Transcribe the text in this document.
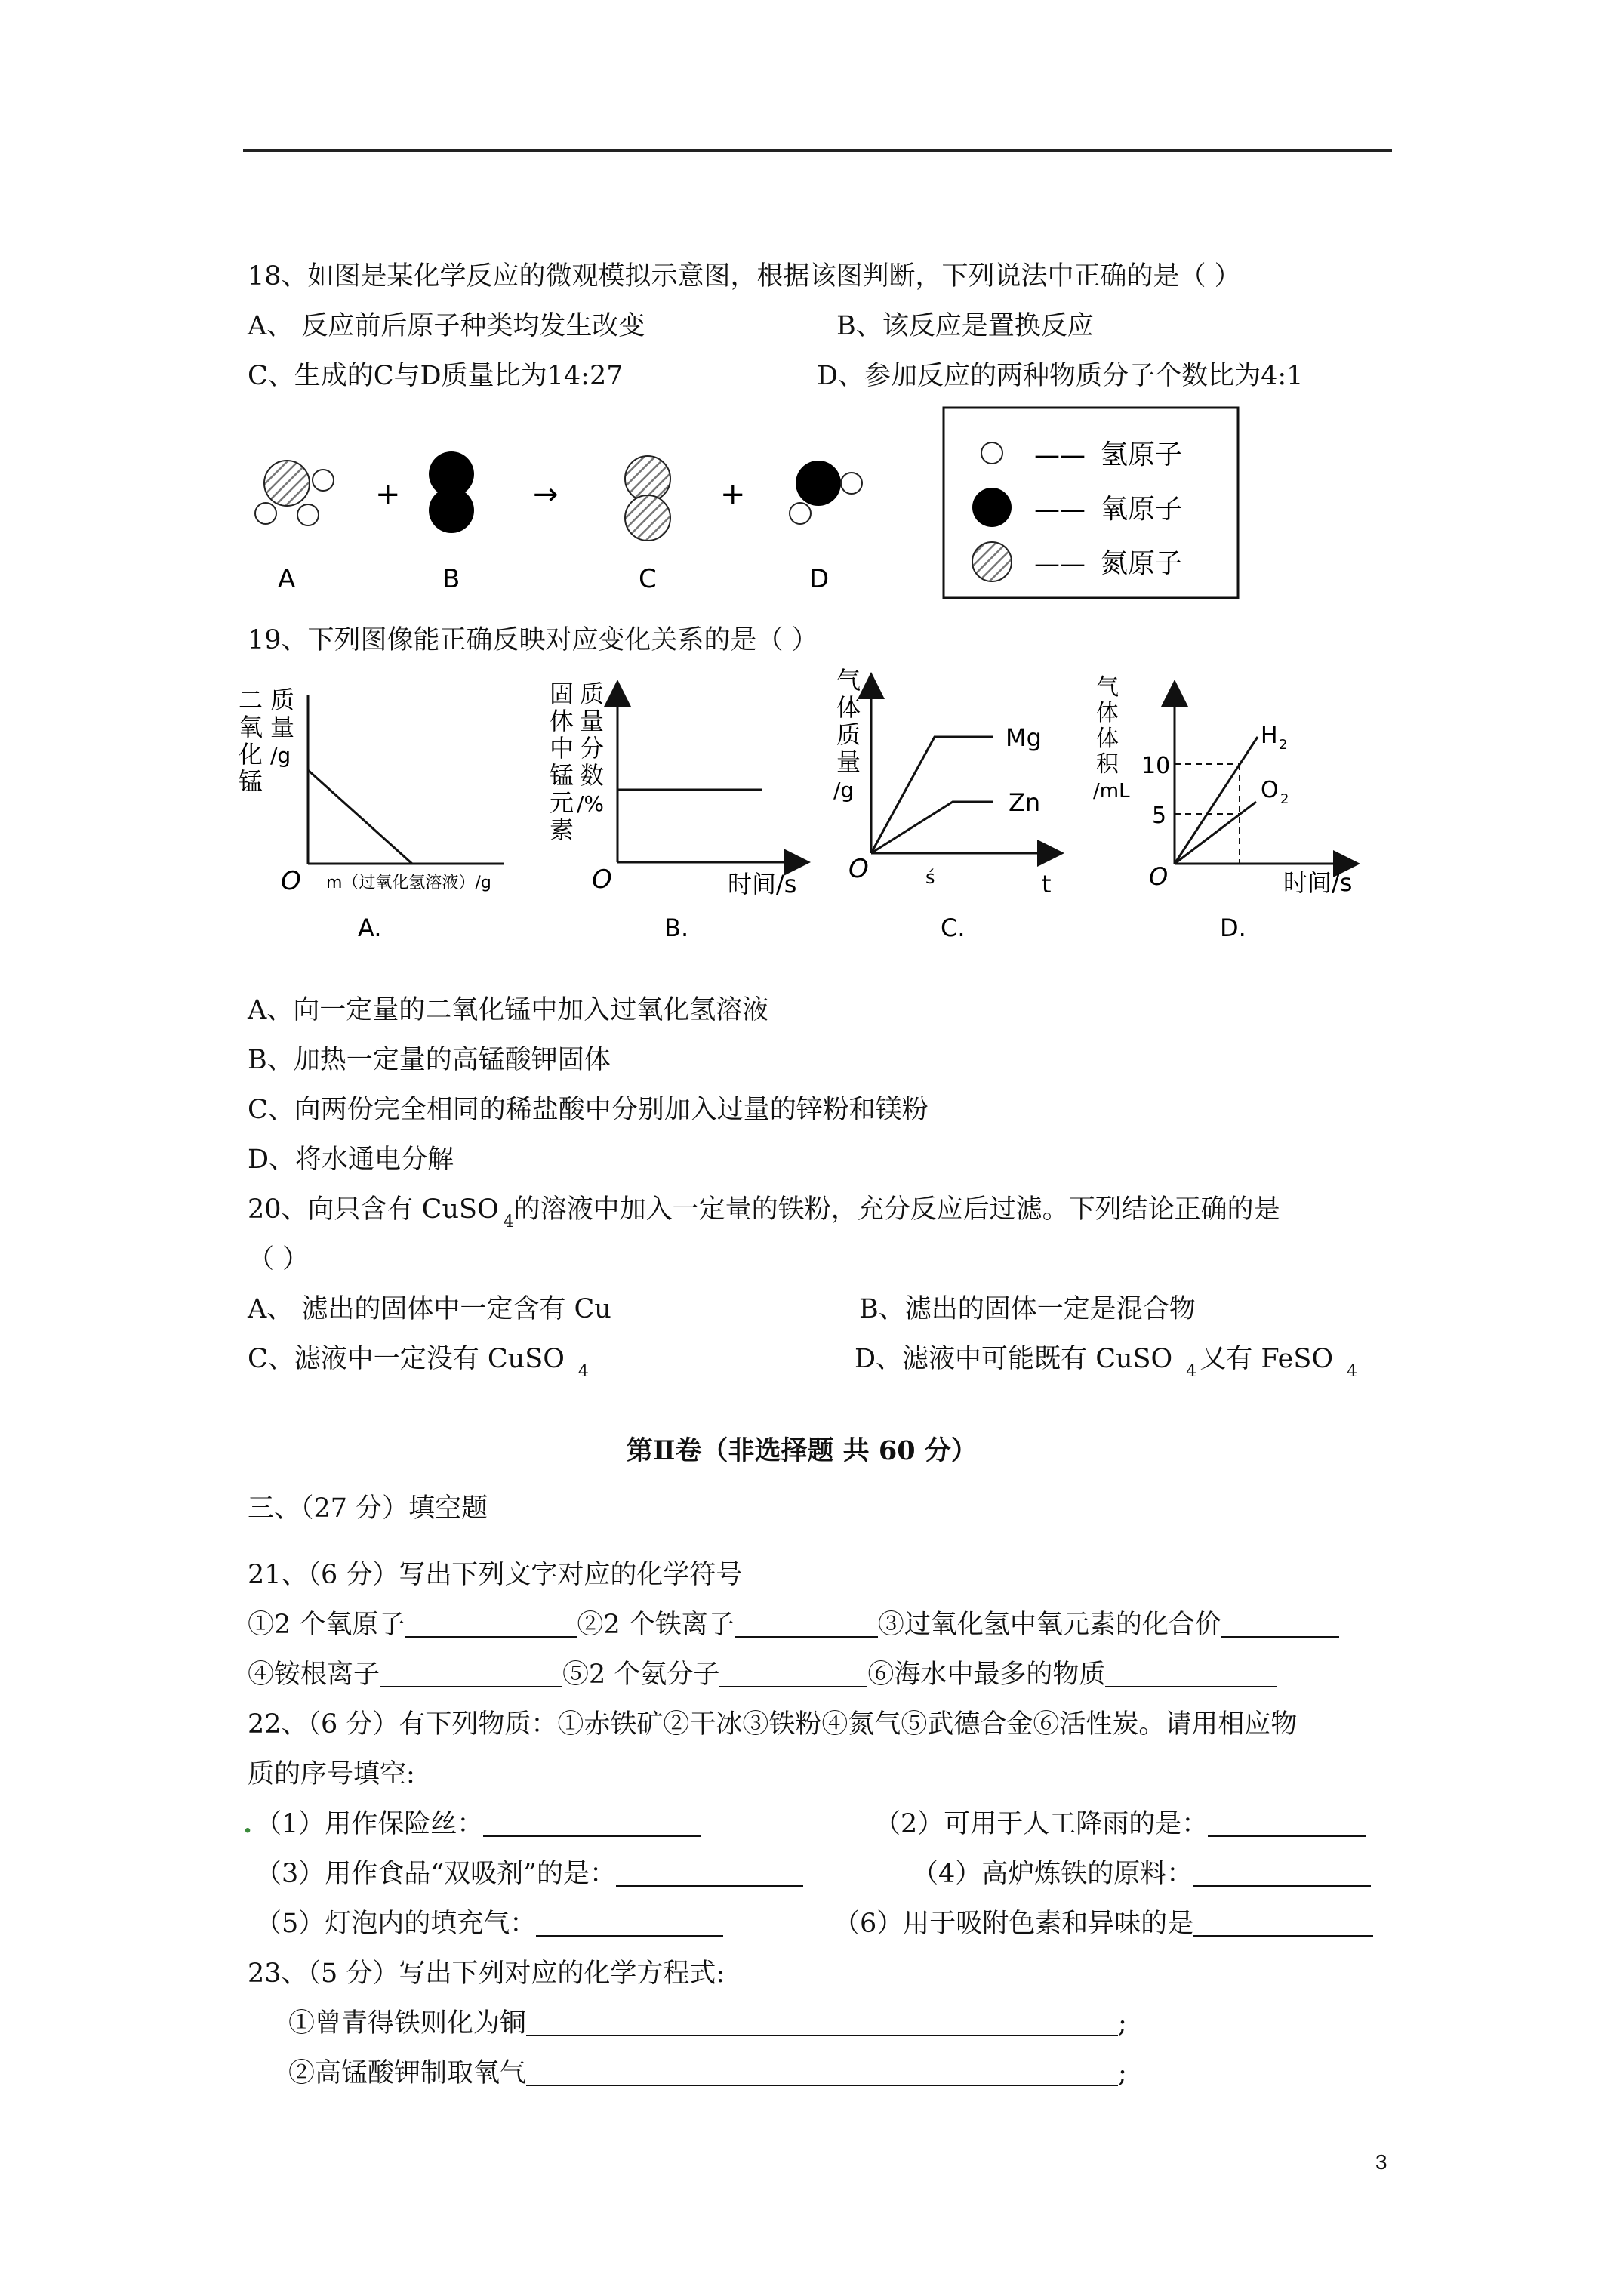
18、如图是某化学反应的微观模拟示意图，根据该图判断，下列说法中正确的是（ ）
A、 反应前后原子种类均发生改变	B、该反应是置换反应
C、生成的C与D质量比为14:27	D、参加反应的两种物质分子个数比为4:1
+	→	+
A	B	C	D
—— 氢原子
—— 氧原子
—— 氮原子
19、下列图像能正确反映对应变化关系的是（ ）
二
氧
化
锰
质
量
/g
O m（过氧化氢溶液）/g
A.
固
体
中
锰
元
素
质
量
分
数
/%
O	时间/s
B.
气
体
质
量
/g
Mg
Zn
O	ś	t
C.
气
体
体
积
/mL
10
5
H 2
O 2
O	时间/s
D.
A、向一定量的二氧化锰中加入过氧化氢溶液
B、加热一定量的高锰酸钾固体
C、向两份完全相同的稀盐酸中分别加入过量的锌粉和镁粉
D、将水通电分解
20、向只含有 CuSO $_4$的溶液中加入一定量的铁粉，充分反应后过滤。下列结论正确的是
（ ）
A、 滤出的固体中一定含有 Cu	B、滤出的固体一定是混合物
C、滤液中一定没有 CuSO $_4$	D、滤液中可能既有 CuSO $_4$ 又有 FeSO $_4$
第Ⅱ卷（非选择题 共 60 分）
三、（27 分）填空题
21、（6 分）写出下列文字对应的化学符号
①2 个氧原子	②2 个铁离子	③过氧化氢中氧元素的化合价
④铵根离子	⑤2 个氨分子	⑥海水中最多的物质
22、（6 分）有下列物质：①赤铁矿②干冰③铁粉④氮气⑤武德合金⑥活性炭。请用相应物
质的序号填空:
. （1）用作保险丝：	（2）可用于人工降雨的是：
（3）用作食品“双吸剂”的是：	（4）高炉炼铁的原料：
（5）灯泡内的填充气：	（6）用于吸附色素和异味的是
23、（5 分）写出下列对应的化学方程式:
①曾青得铁则化为铜	;
②高锰酸钾制取氧气	;
3
